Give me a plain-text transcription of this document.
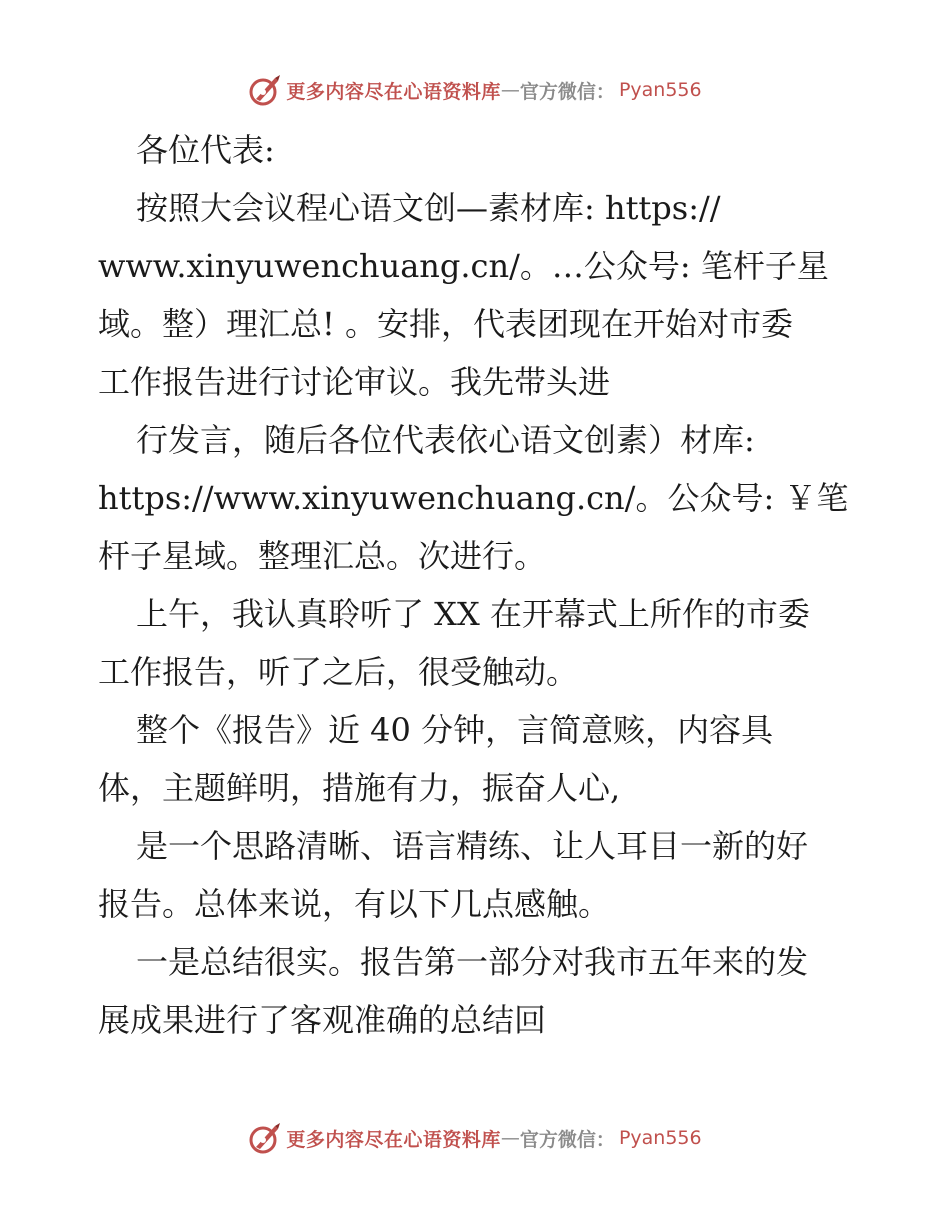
更多内容尽在心语资料库 — 官方微信： Pyan556

各位代表:

按照大会议程心语文创—素材库: https://

www.xinyuwenchuang.cn/。…公众号: 笔杆子星

域。整）理汇总! 。安排，代表团现在开始对市委

工作报告进行讨论审议。我先带头进

行发言，随后各位代表依心语文创素）材库:

https://www.xinyuwenchuang.cn/。公众号: ￥笔

杆子星域。整理汇总。次进行。

上午，我认真聆听了 XX 在开幕式上所作的市委

工作报告，听了之后，很受触动。

整个《报告》近 40 分钟，言简意赅，内容具

体，主题鲜明，措施有力，振奋人心,

是一个思路清晰、语言精练、让人耳目一新的好

报告。总体来说，有以下几点感触。

一是总结很实。报告第一部分对我市五年来的发

展成果进行了客观准确的总结回

更多内容尽在心语资料库 — 官方微信： Pyan556
